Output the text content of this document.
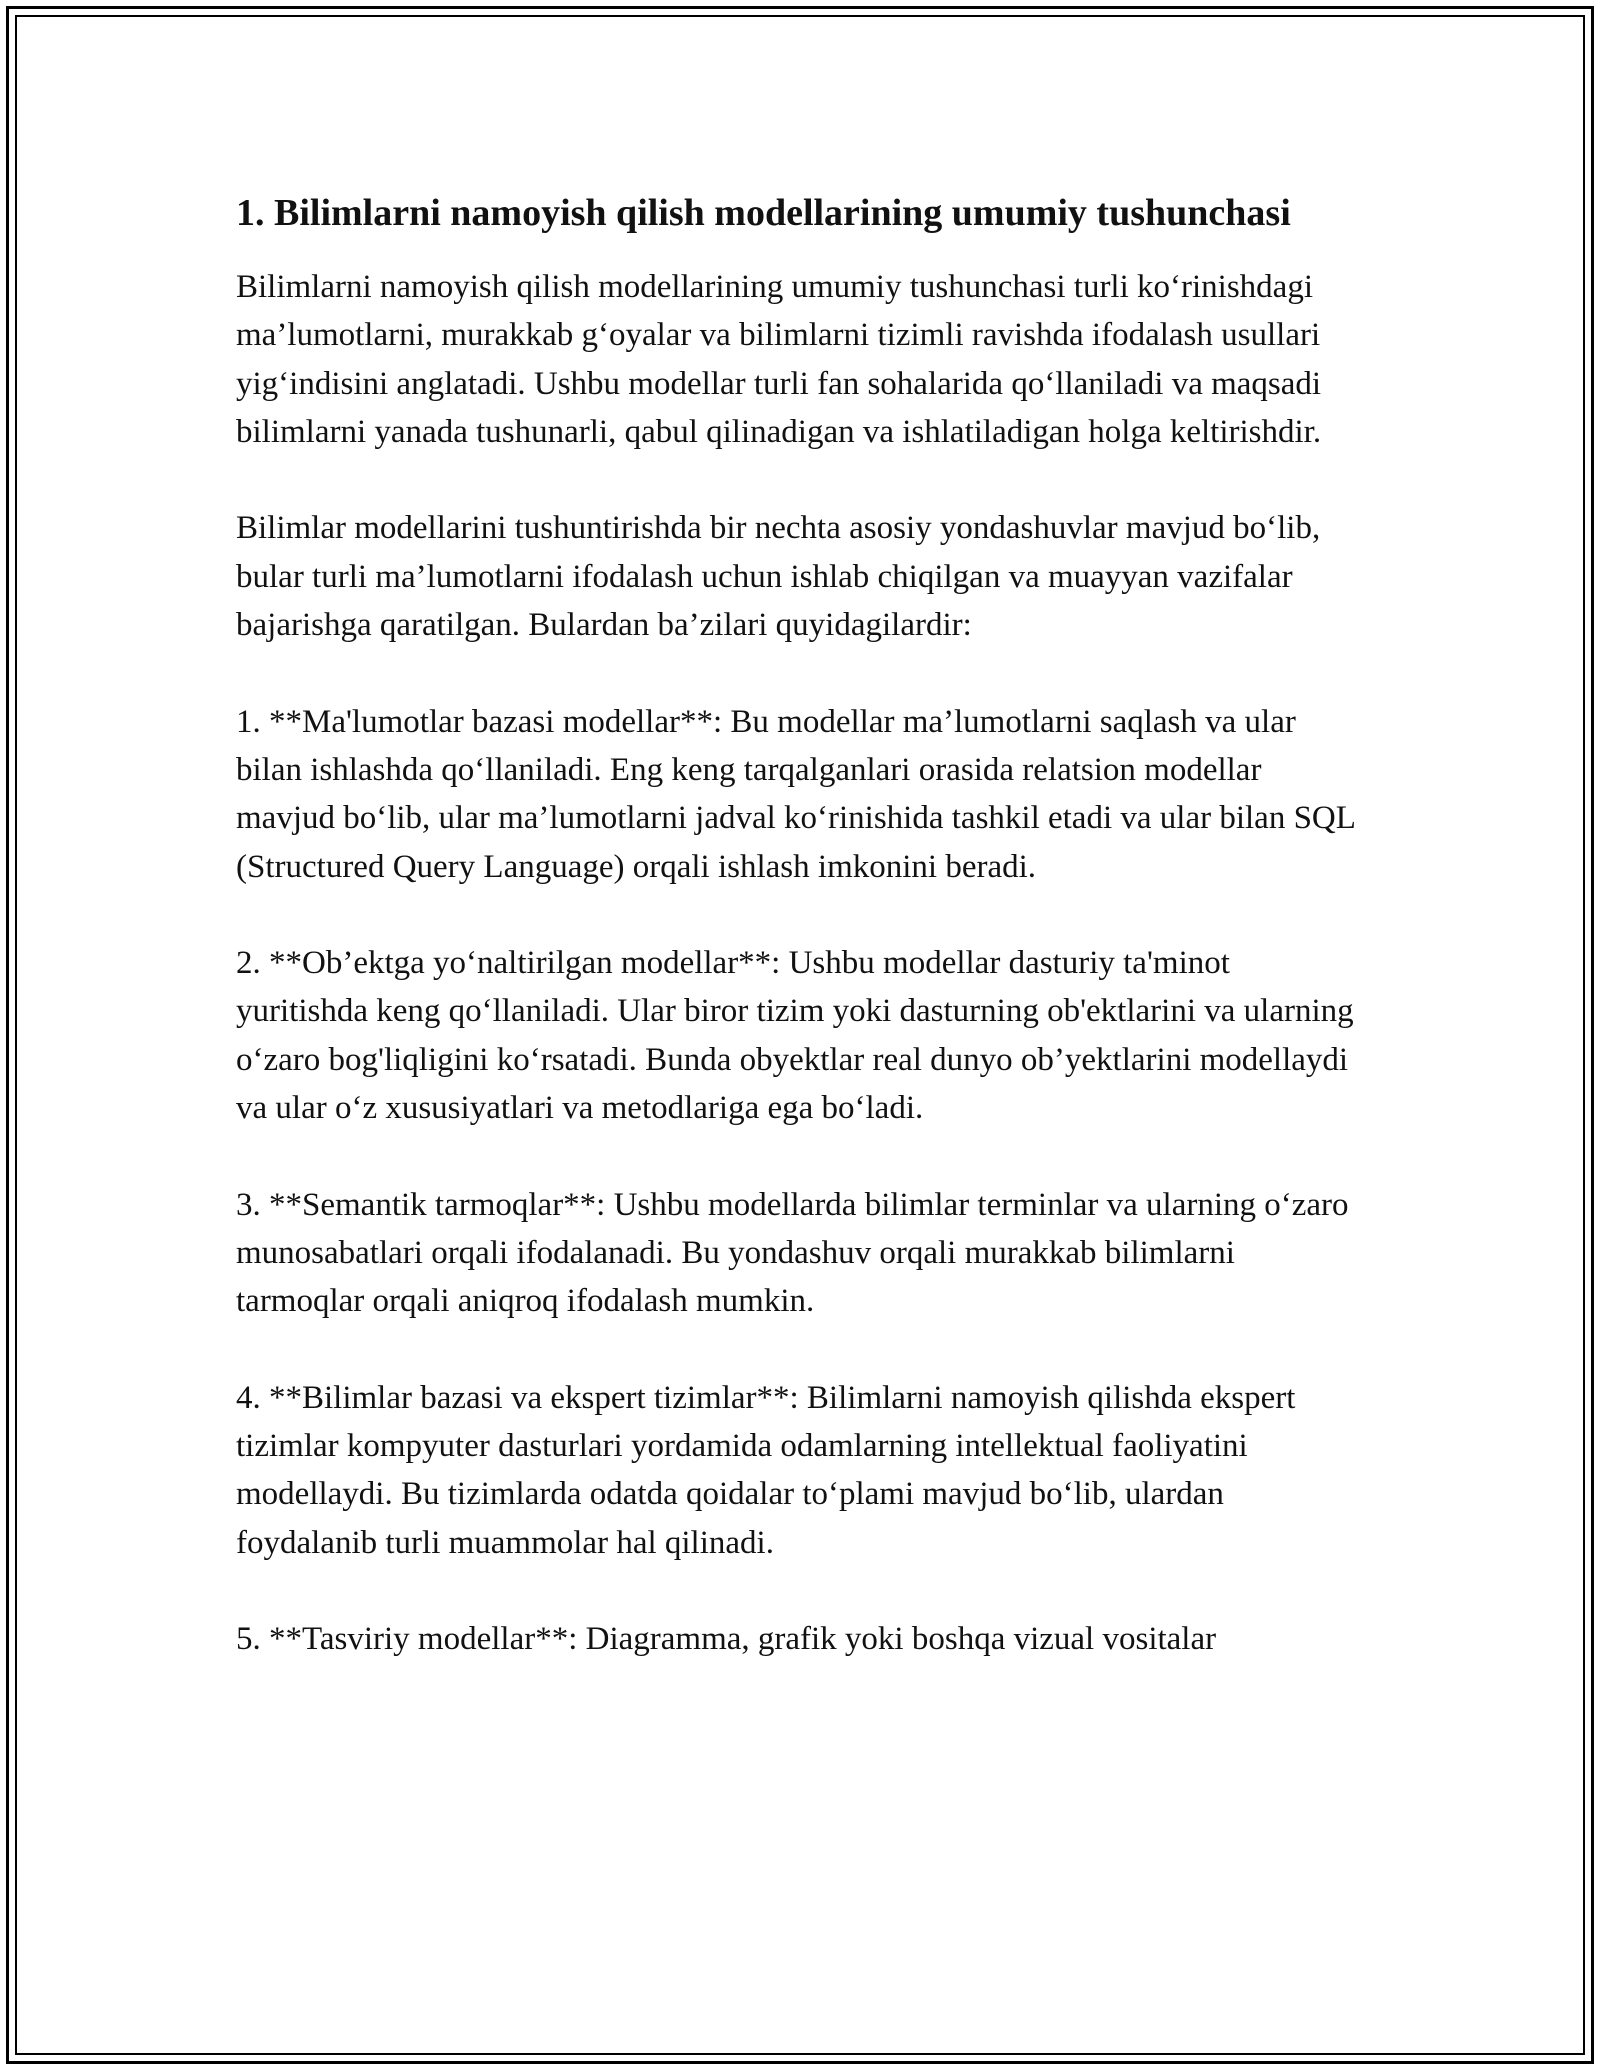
1. Bilimlarni namoyish qilish modellarining umumiy tushunchasi

Bilimlarni namoyish qilish modellarining umumiy tushunchasi turli ko‘rinishdagi ma’lumotlarni, murakkab g‘oyalar va bilimlarni tizimli ravishda ifodalash usullari yig‘indisini anglatadi. Ushbu modellar turli fan sohalarida qo‘llaniladi va maqsadi bilimlarni yanada tushunarli, qabul qilinadigan va ishlatiladigan holga keltirishdir.

Bilimlar modellarini tushuntirishda bir nechta asosiy yondashuvlar mavjud bo‘lib, bular turli ma’lumotlarni ifodalash uchun ishlab chiqilgan va muayyan vazifalar bajarishga qaratilgan. Bulardan ba’zilari quyidagilardir:

1. **Ma'lumotlar bazasi modellar**: Bu modellar ma’lumotlarni saqlash va ular bilan ishlashda qo‘llaniladi. Eng keng tarqalganlari orasida relatsion modellar mavjud bo‘lib, ular ma’lumotlarni jadval ko‘rinishida tashkil etadi va ular bilan SQL (Structured Query Language) orqali ishlash imkonini beradi.

2. **Ob’ektga yo‘naltirilgan modellar**: Ushbu modellar dasturiy ta'minot yuritishda keng qo‘llaniladi. Ular biror tizim yoki dasturning ob'ektlarini va ularning o‘zaro bog'liqligini ko‘rsatadi. Bunda obyektlar real dunyo ob’yektlarini modellaydi va ular o‘z xususiyatlari va metodlariga ega bo‘ladi.

3. **Semantik tarmoqlar**: Ushbu modellarda bilimlar terminlar va ularning o‘zaro munosabatlari orqali ifodalanadi. Bu yondashuv orqali murakkab bilimlarni tarmoqlar orqali aniqroq ifodalash mumkin.

4. **Bilimlar bazasi va ekspert tizimlar**: Bilimlarni namoyish qilishda ekspert tizimlar kompyuter dasturlari yordamida odamlarning intellektual faoliyatini modellaydi. Bu tizimlarda odatda qoidalar to‘plami mavjud bo‘lib, ulardan foydalanib turli muammolar hal qilinadi.

5. **Tasviriy modellar**: Diagramma, grafik yoki boshqa vizual vositalar
